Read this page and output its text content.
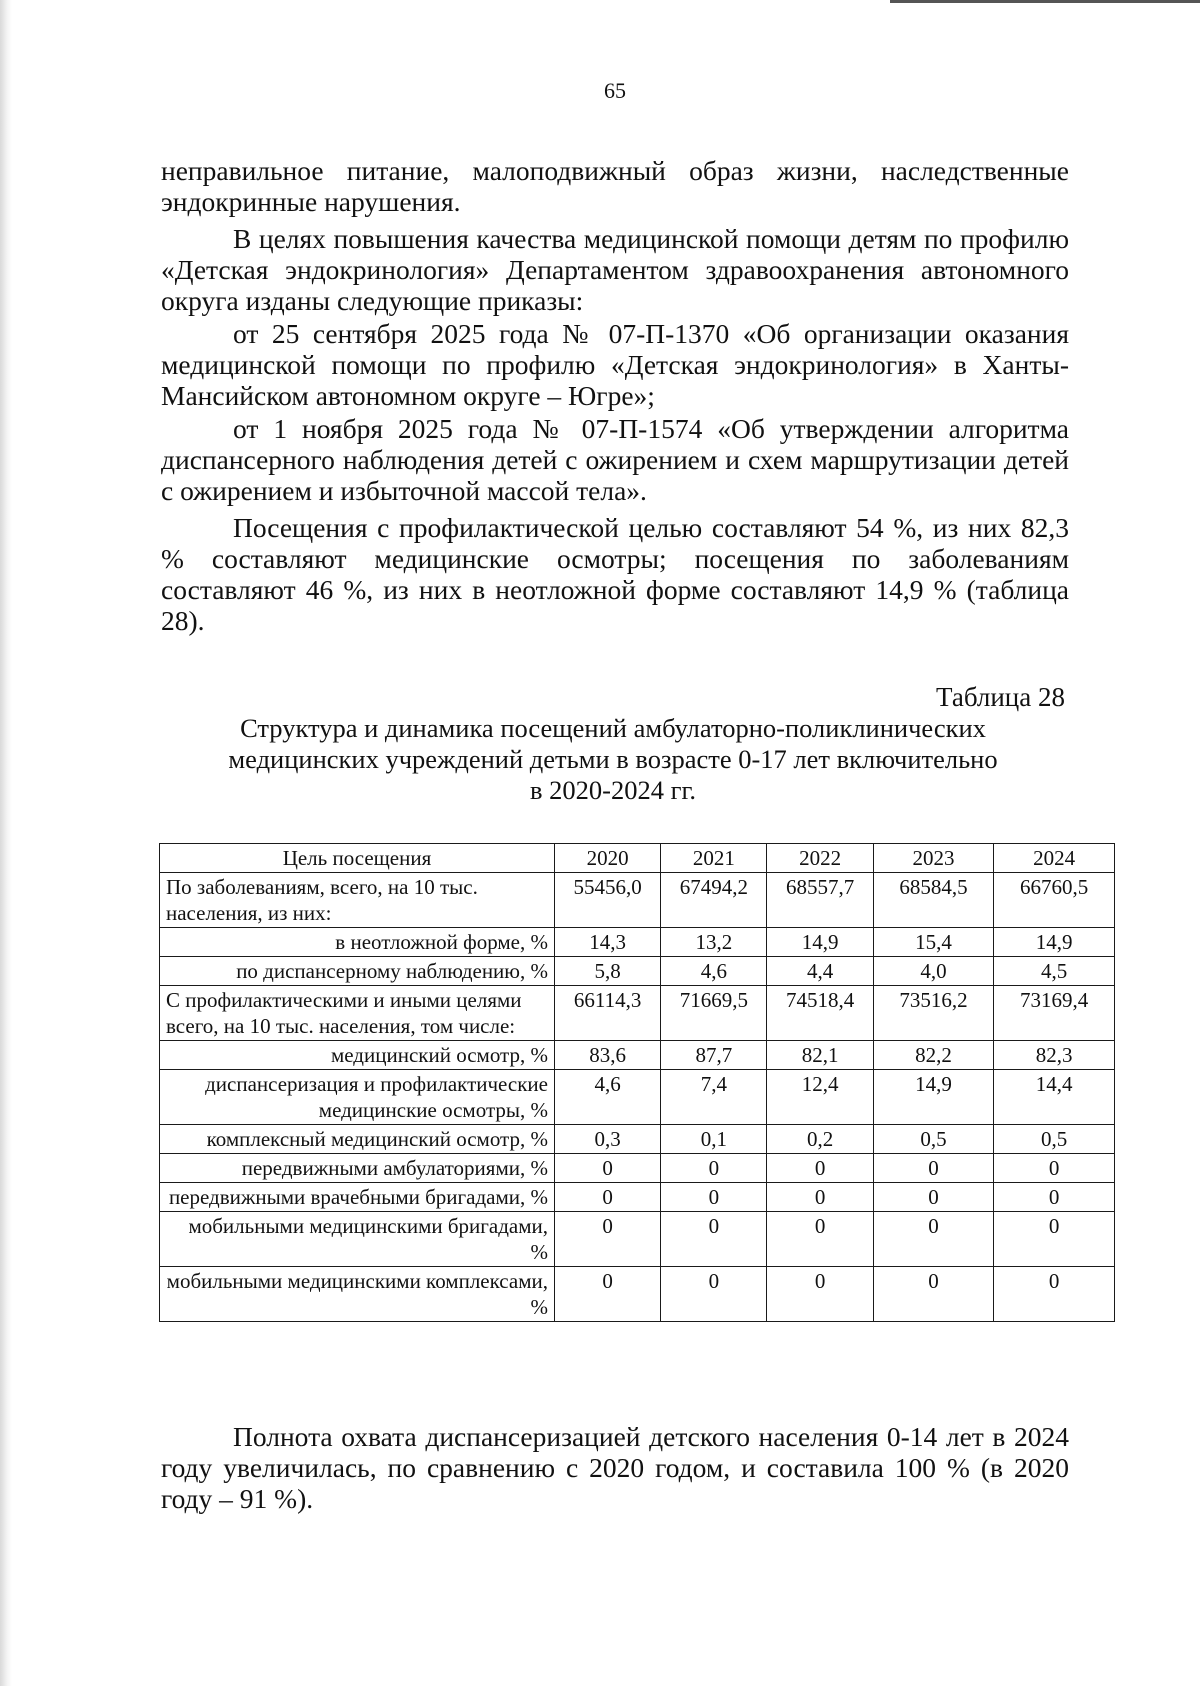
65

неправильное питание, малоподвижный образ жизни, наследственные эндокринные нарушения.

В целях повышения качества медицинской помощи детям по профилю «Детская эндокринология» Департаментом здравоохранения автономного округа изданы следующие приказы:

от 25 сентября 2025 года № 07-П-1370 «Об организации оказания медицинской помощи по профилю «Детская эндокринология» в Ханты-Мансийском автономном округе – Югре»;

от 1 ноября 2025 года № 07-П-1574 «Об утверждении алгоритма диспансерного наблюдения детей с ожирением и схем маршрутизации детей с ожирением и избыточной массой тела».

Посещения с профилактической целью составляют 54 %, из них 82,3 % составляют медицинские осмотры; посещения по заболеваниям составляют 46 %, из них в неотложной форме составляют 14,9 % (таблица 28).

Таблица 28
Структура и динамика посещений амбулаторно-поликлинических
медицинских учреждений детьми в возрасте 0-17 лет включительно
в 2020-2024 гг.
Цель посещения	2020	2021	2022	2023	2024
По заболеваниям, всего, на 10 тыс. населения, из них:	55456,0	67494,2	68557,7	68584,5	66760,5
в неотложной форме, %	14,3	13,2	14,9	15,4	14,9
по диспансерному наблюдению, %	5,8	4,6	4,4	4,0	4,5
С профилактическими и иными целями всего, на 10 тыс. населения, том числе:	66114,3	71669,5	74518,4	73516,2	73169,4
медицинский осмотр, %	83,6	87,7	82,1	82,2	82,3
диспансеризация и профилактические медицинские осмотры, %	4,6	7,4	12,4	14,9	14,4
комплексный медицинский осмотр, %	0,3	0,1	0,2	0,5	0,5
передвижными амбулаториями, %	0	0	0	0	0
передвижными врачебными бригадами, %	0	0	0	0	0
мобильными медицинскими бригадами, %	0	0	0	0	0
мобильными медицинскими комплексами, %	0	0	0	0	0

Полнота охвата диспансеризацией детского населения 0-14 лет в 2024 году увеличилась, по сравнению с 2020 годом, и составила 100 % (в 2020 году – 91 %).
